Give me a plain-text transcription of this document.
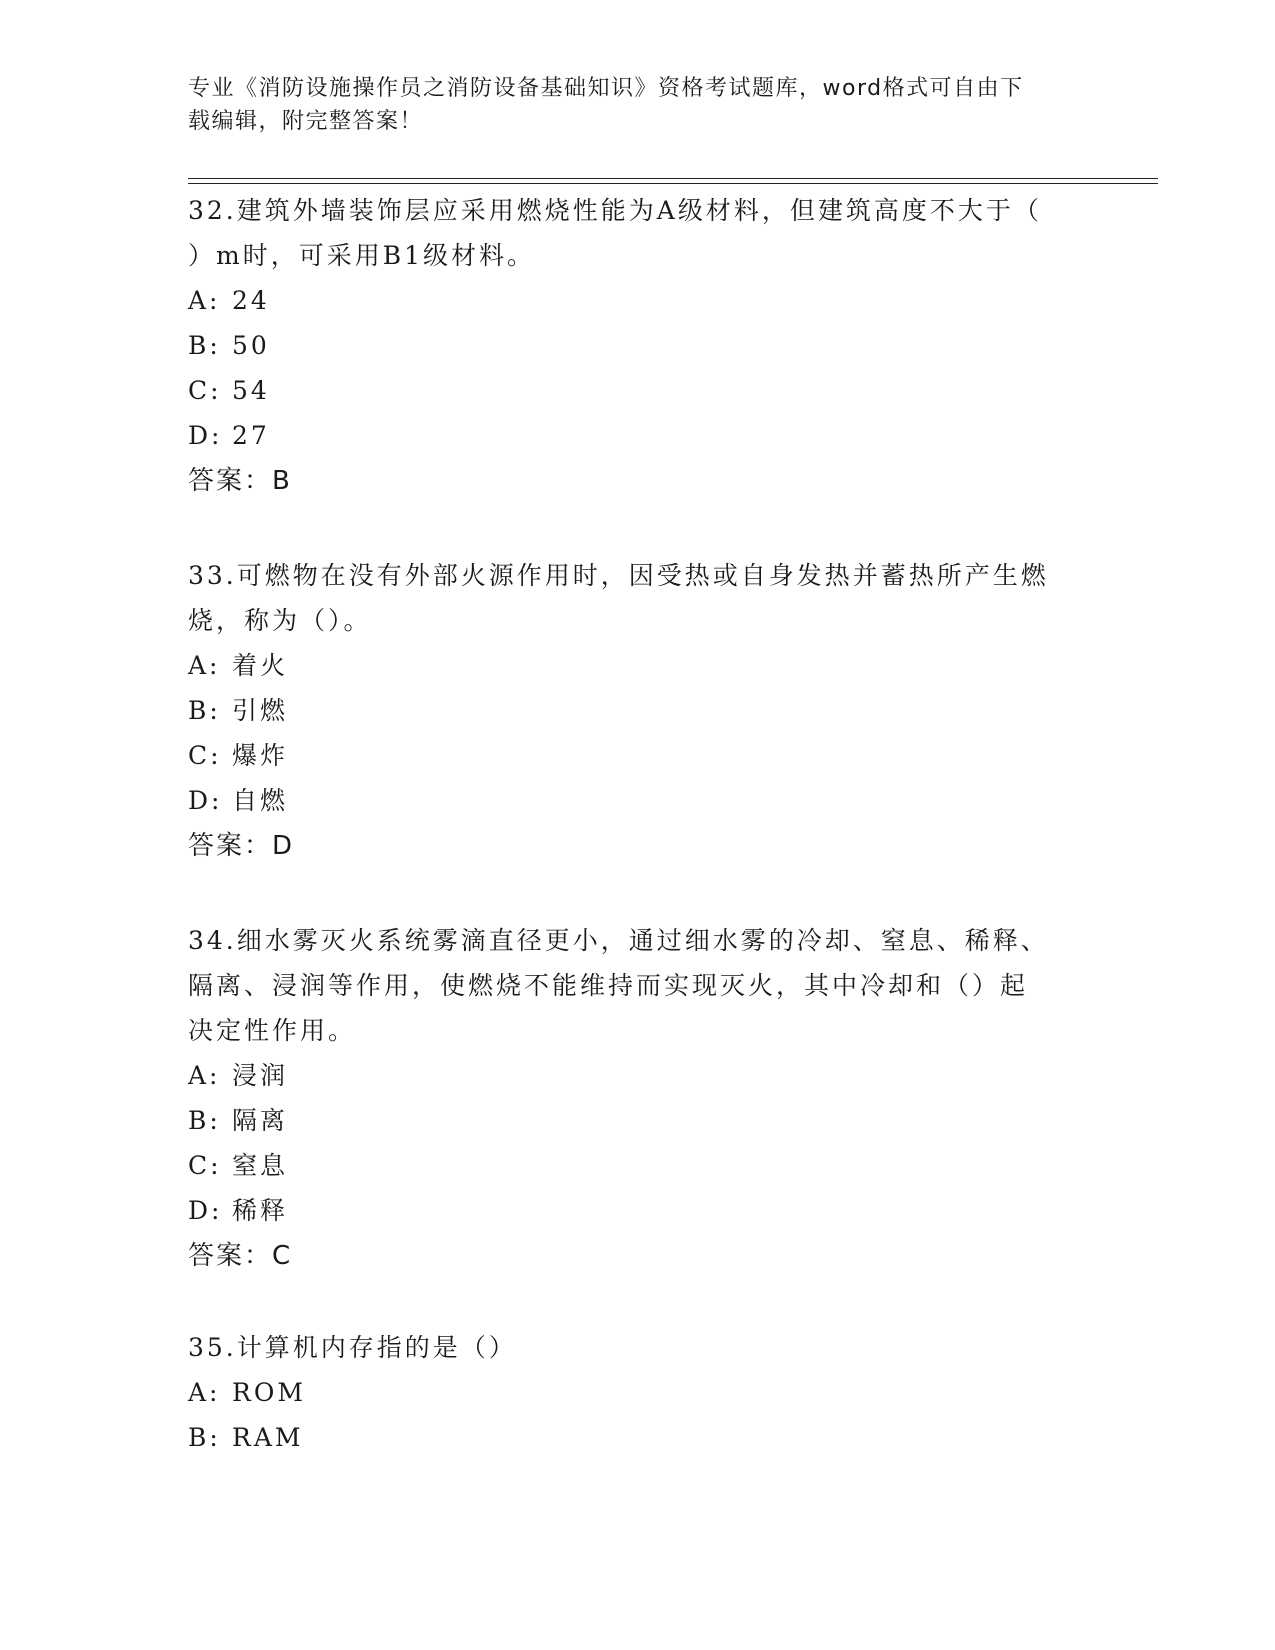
专业《消防设施操作员之消防设备基础知识》资格考试题库，word格式可自由下
载编辑，附完整答案！

32.建筑外墙装饰层应采用燃烧性能为A级材料，但建筑高度不大于（
）m时，可采用B1级材料。

A: 24

B: 50

C: 54

D: 27

答案：B

33.可燃物在没有外部火源作用时，因受热或自身发热并蓄热所产生燃
烧，称为（）。

A: 着火

B: 引燃

C: 爆炸

D: 自燃

答案：D

34.细水雾灭火系统雾滴直径更小，通过细水雾的冷却、窒息、稀释、
隔离、浸润等作用，使燃烧不能维持而实现灭火，其中冷却和（）起
决定性作用。

A: 浸润

B: 隔离

C: 窒息

D: 稀释

答案：C

35.计算机内存指的是（）

A: ROM

B: RAM
